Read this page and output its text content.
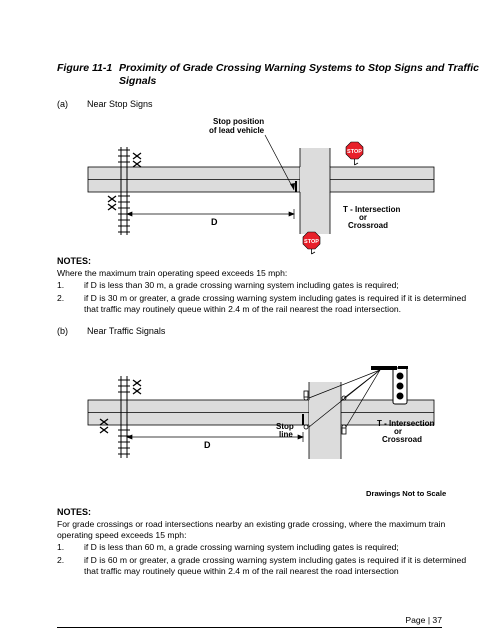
Figure 11-1 Proximity of Grade Crossing Warning Systems to Stop Signs and Traffic Signals
(a) Near Stop Signs
D
Stop position
of lead vehicle
STOP
STOP
T - Intersection
or
Crossroad
NOTES:
Where the maximum train operating speed exceeds 15 mph:
1. if D is less than 30 m, a grade crossing warning system including gates is required;
2. if D is 30 m or greater, a grade crossing warning system including gates is required if it is determined that traffic may routinely queue within 2.4 m of the rail nearest the road intersection.
(b) Near Traffic Signals
D
Stop
line
T - Intersection
or
Crossroad
Drawings Not to Scale
NOTES:
For grade crossings or road intersections nearby an existing grade crossing, where the maximum train operating speed exceeds 15 mph:
1. if D is less than 60 m, a grade crossing warning system including gates is required;
2. if D is 60 m or greater, a grade crossing warning system including gates is required if it is determined that traffic may routinely queue within 2.4 m of the rail nearest the road intersection
Page | 37
